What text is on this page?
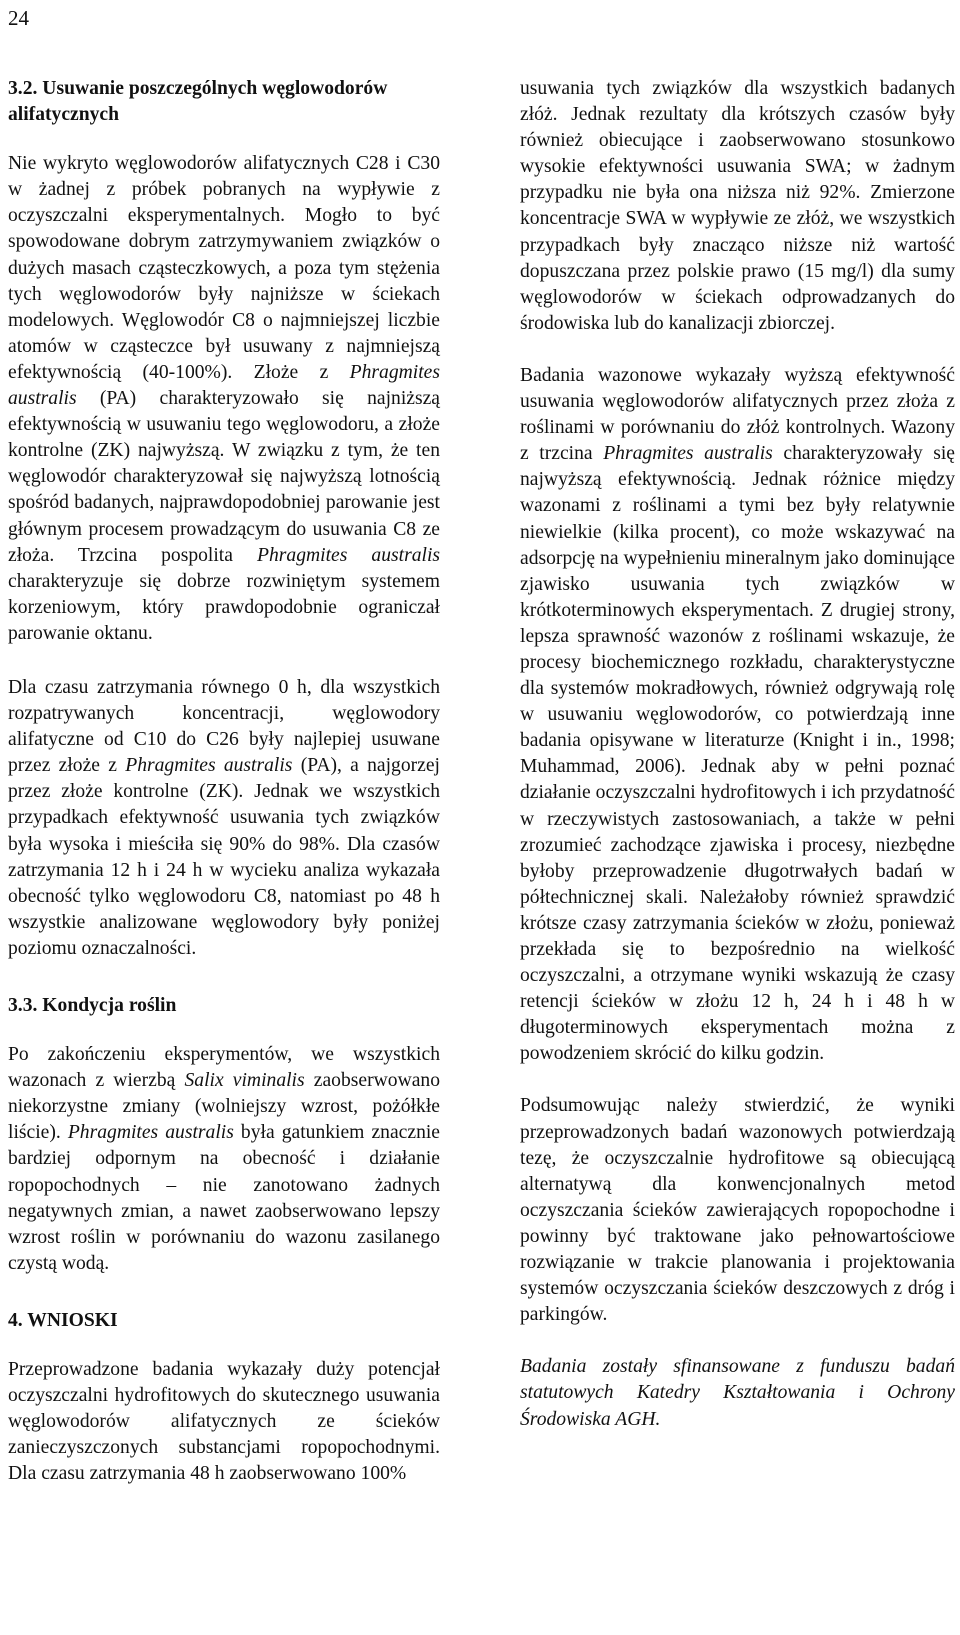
24
3.2. Usuwanie poszczególnych węglowodorów alifatycznych

Nie wykryto węglowodorów alifatycznych C28 i C30 w żadnej z próbek pobranych na wypływie z oczyszczalni eksperymentalnych. Mogło to być spowodowane dobrym zatrzymywaniem związków o dużych masach cząsteczkowych, a poza tym stężenia tych węglowodorów były najniższe w ściekach modelowych. Węglowodór C8 o najmniejszej liczbie atomów w cząsteczce był usuwany z najmniejszą efektywnością (40-100%). Złoże z Phragmites australis (PA) charakteryzowało się najniższą efektywnością w usuwaniu tego węglowodoru, a złoże kontrolne (ZK) najwyższą. W związku z tym, że ten węglowodór charakteryzował się najwyższą lotnością spośród badanych, najprawdopodobniej parowanie jest głównym procesem prowadzącym do usuwania C8 ze złoża. Trzcina pospolita Phragmites australis charakteryzuje się dobrze rozwiniętym systemem korzeniowym, który prawdopodobnie ograniczał parowanie oktanu.

Dla czasu zatrzymania równego 0 h, dla wszystkich rozpatrywanych koncentracji, węglowodory alifatyczne od C10 do C26 były najlepiej usuwane przez złoże z Phragmites australis (PA), a najgorzej przez złoże kontrolne (ZK). Jednak we wszystkich przypadkach efektywność usuwania tych związków była wysoka i mieściła się 90% do 98%. Dla czasów zatrzymania 12 h i 24 h w wycieku analiza wykazała obecność tylko węglowodoru C8, natomiast po 48 h wszystkie analizowane węglowodory były poniżej poziomu oznaczalności.

3.3. Kondycja roślin

Po zakończeniu eksperymentów, we wszystkich wazonach z wierzbą Salix viminalis zaobserwowano niekorzystne zmiany (wolniejszy wzrost, pożółkłe liście). Phragmites australis była gatunkiem znacznie bardziej odpornym na obecność i działanie ropopochodnych – nie zanotowano żadnych negatywnych zmian, a nawet zaobserwowano lepszy wzrost roślin w porównaniu do wazonu zasilanego czystą wodą.

4. WNIOSKI

Przeprowadzone badania wykazały duży potencjał oczyszczalni hydrofitowych do skutecznego usuwania węglowodorów alifatycznych ze ścieków zanieczyszczonych substancjami ropopochodnymi. Dla czasu zatrzymania 48 h zaobserwowano 100%

usuwania tych związków dla wszystkich badanych złóż. Jednak rezultaty dla krótszych czasów były również obiecujące i zaobserwowano stosunkowo wysokie efektywności usuwania SWA; w żadnym przypadku nie była ona niższa niż 92%. Zmierzone koncentracje SWA w wypływie ze złóż, we wszystkich przypadkach były znacząco niższe niż wartość dopuszczana przez polskie prawo (15 mg/l) dla sumy węglowodorów w ściekach odprowadzanych do środowiska lub do kanalizacji zbiorczej.

Badania wazonowe wykazały wyższą efektywność usuwania węglowodorów alifatycznych przez złoża z roślinami w porównaniu do złóż kontrolnych. Wazony z trzcina Phragmites australis charakteryzowały się najwyższą efektywnością. Jednak różnice między wazonami z roślinami a tymi bez były relatywnie niewielkie (kilka procent), co może wskazywać na adsorpcję na wypełnieniu mineralnym jako dominujące zjawisko usuwania tych związków w krótkoterminowych eksperymentach. Z drugiej strony, lepsza sprawność wazonów z roślinami wskazuje, że procesy biochemicznego rozkładu, charakterystyczne dla systemów mokradłowych, również odgrywają rolę w usuwaniu węglowodorów, co potwierdzają inne badania opisywane w literaturze (Knight i in., 1998; Muhammad, 2006). Jednak aby w pełni poznać działanie oczyszczalni hydrofitowych i ich przydatność w rzeczywistych zastosowaniach, a także w pełni zrozumieć zachodzące zjawiska i procesy, niezbędne byłoby przeprowadzenie długotrwałych badań w półtechnicznej skali. Należałoby również sprawdzić krótsze czasy zatrzymania ścieków w złożu, ponieważ przekłada się to bezpośrednio na wielkość oczyszczalni, a otrzymane wyniki wskazują że czasy retencji ścieków w złożu 12 h, 24 h i 48 h w długoterminowych eksperymentach można z powodzeniem skrócić do kilku godzin.

Podsumowując należy stwierdzić, że wyniki przeprowadzonych badań wazonowych potwierdzają tezę, że oczyszczalnie hydrofitowe są obiecującą alternatywą dla konwencjonalnych metod oczyszczania ścieków zawierających ropopochodne i powinny być traktowane jako pełnowartościowe rozwiązanie w trakcie planowania i projektowania systemów oczyszczania ścieków deszczowych z dróg i parkingów.

Badania zostały sfinansowane z funduszu badań statutowych Katedry Kształtowania i Ochrony Środowiska AGH.
